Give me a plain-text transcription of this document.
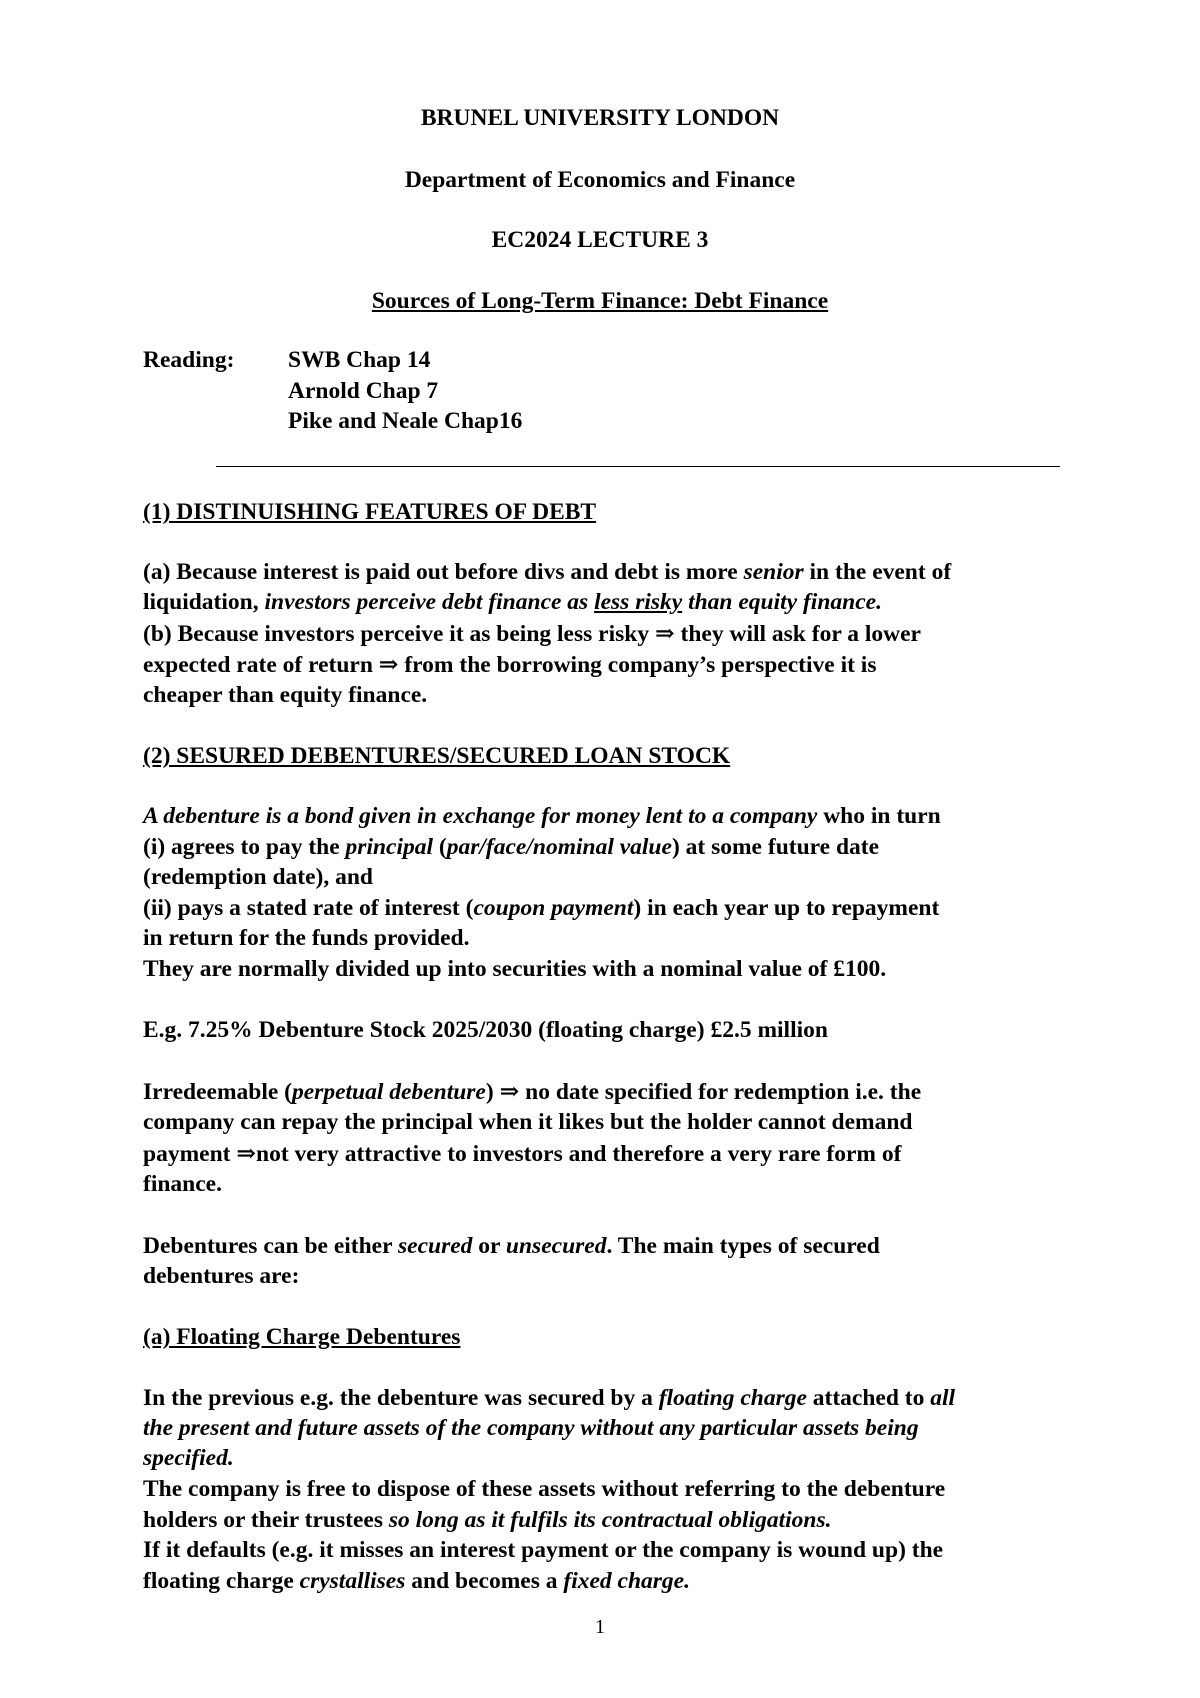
BRUNEL UNIVERSITY LONDON
Department of Economics and Finance
EC2024 LECTURE 3
Sources of Long-Term Finance: Debt Finance
Reading: SWB Chap 14
Arnold Chap 7
Pike and Neale Chap16
(1) DISTINUISHING FEATURES OF DEBT
(a) Because interest is paid out before divs and debt is more senior in the event of
liquidation, investors perceive debt finance as less risky than equity finance.
(b) Because investors perceive it as being less risky ⇒ they will ask for a lower
expected rate of return ⇒ from the borrowing company’s perspective it is
cheaper than equity finance.
(2) SESURED DEBENTURES/SECURED LOAN STOCK
A debenture is a bond given in exchange for money lent to a company who in turn
(i) agrees to pay the principal (par/face/nominal value) at some future date
(redemption date), and
(ii) pays a stated rate of interest (coupon payment) in each year up to repayment
in return for the funds provided.
They are normally divided up into securities with a nominal value of £100.
E.g. 7.25% Debenture Stock 2025/2030 (floating charge) £2.5 million
Irredeemable (perpetual debenture) ⇒ no date specified for redemption i.e. the
company can repay the principal when it likes but the holder cannot demand
payment ⇒not very attractive to investors and therefore a very rare form of
finance.
Debentures can be either secured or unsecured. The main types of secured
debentures are:
(a) Floating Charge Debentures
In the previous e.g. the debenture was secured by a floating charge attached to all
the present and future assets of the company without any particular assets being
specified.
The company is free to dispose of these assets without referring to the debenture
holders or their trustees so long as it fulfils its contractual obligations.
If it defaults (e.g. it misses an interest payment or the company is wound up) the
floating charge crystallises and becomes a fixed charge.
1
